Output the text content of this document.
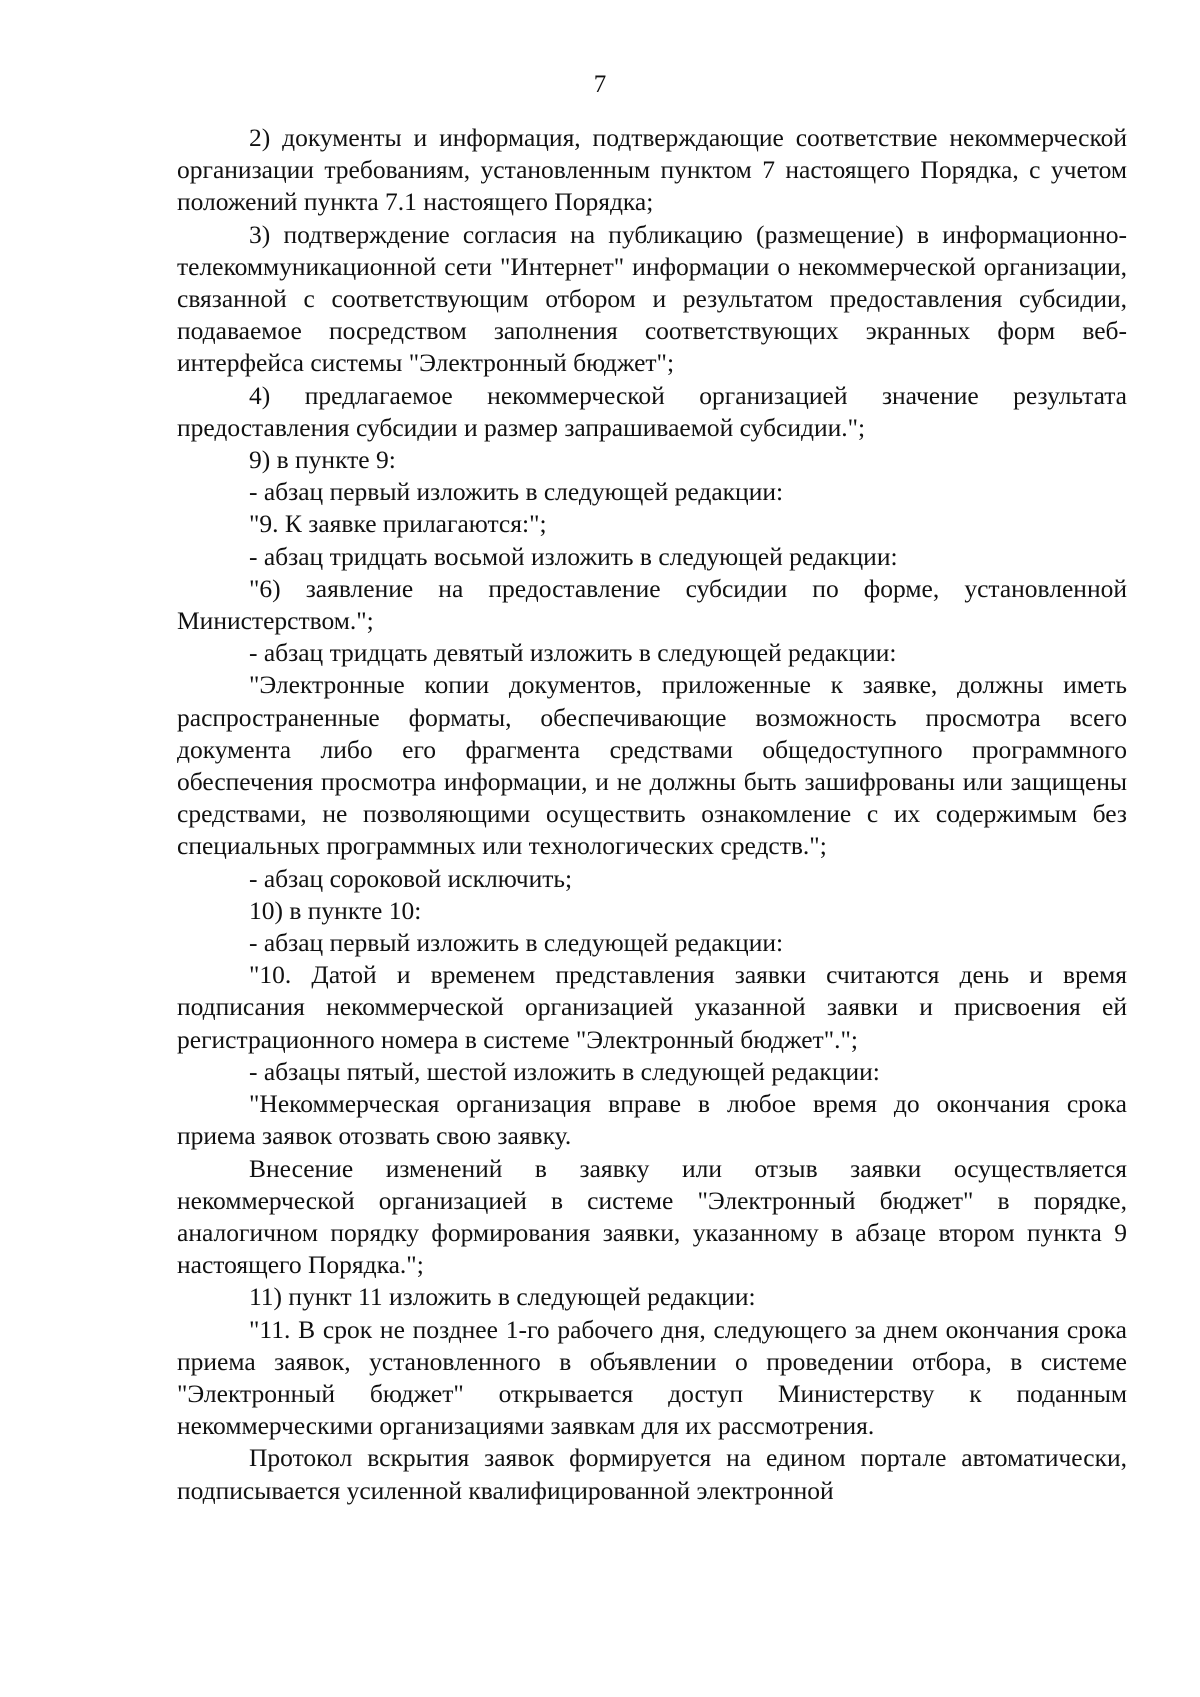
7

2) документы и информация, подтверждающие соответствие некоммерческой организации требованиям, установленным пунктом 7 настоящего Порядка, с учетом положений пункта 7.1 настоящего Порядка;

3) подтверждение согласия на публикацию (размещение) в информационно-телекоммуникационной сети "Интернет" информации о некоммерческой организации, связанной с соответствующим отбором и результатом предоставления субсидии, подаваемое посредством заполнения соответствующих экранных форм веб-интерфейса системы "Электронный бюджет";

4) предлагаемое некоммерческой организацией значение результата предоставления субсидии и размер запрашиваемой субсидии.";

9) в пункте 9:

- абзац первый изложить в следующей редакции:

"9. К заявке прилагаются:";

- абзац тридцать восьмой изложить в следующей редакции:

"6) заявление на предоставление субсидии по форме, установленной Министерством.";

- абзац тридцать девятый изложить в следующей редакции:

"Электронные копии документов, приложенные к заявке, должны иметь распространенные форматы, обеспечивающие возможность просмотра всего документа либо его фрагмента средствами общедоступного программного обеспечения просмотра информации, и не должны быть зашифрованы или защищены средствами, не позволяющими осуществить ознакомление с их содержимым без специальных программных или технологических средств.";

- абзац сороковой исключить;

10) в пункте 10:

- абзац первый изложить в следующей редакции:

"10. Датой и временем представления заявки считаются день и время подписания некоммерческой организацией указанной заявки и присвоения ей регистрационного номера в системе "Электронный бюджет".";

- абзацы пятый, шестой изложить в следующей редакции:

"Некоммерческая организация вправе в любое время до окончания срока приема заявок отозвать свою заявку.

Внесение изменений в заявку или отзыв заявки осуществляется некоммерческой организацией в системе "Электронный бюджет" в порядке, аналогичном порядку формирования заявки, указанному в абзаце втором пункта 9 настоящего Порядка.";

11) пункт 11 изложить в следующей редакции:

"11. В срок не позднее 1-го рабочего дня, следующего за днем окончания срока приема заявок, установленного в объявлении о проведении отбора, в системе "Электронный бюджет" открывается доступ Министерству к поданным некоммерческими организациями заявкам для их рассмотрения.

Протокол вскрытия заявок формируется на едином портале автоматически, подписывается усиленной квалифицированной электронной
